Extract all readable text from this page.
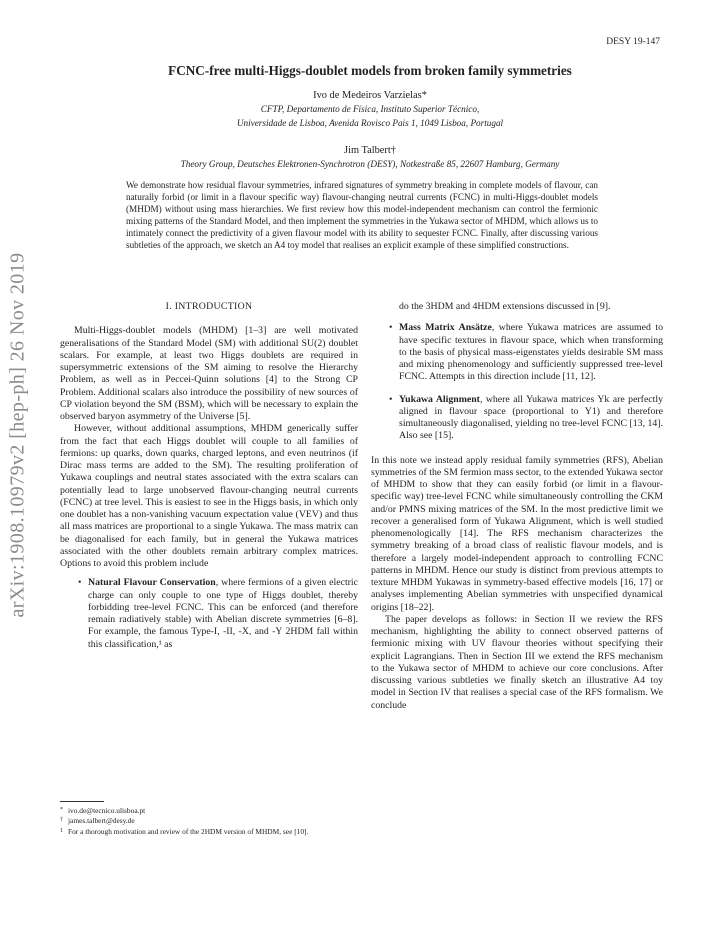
DESY 19-147
arXiv:1908.10979v2 [hep-ph] 26 Nov 2019
FCNC-free multi-Higgs-doublet models from broken family symmetries
Ivo de Medeiros Varzielas*
CFTP, Departamento de Física, Instituto Superior Técnico,
Universidade de Lisboa, Avenida Rovisco Pais 1, 1049 Lisboa, Portugal
Jim Talbert†
Theory Group, Deutsches Elektronen-Synchrotron (DESY), Notkestraße 85, 22607 Hamburg, Germany
We demonstrate how residual flavour symmetries, infrared signatures of symmetry breaking in complete models of flavour, can naturally forbid (or limit in a flavour specific way) flavour-changing neutral currents (FCNC) in multi-Higgs-doublet models (MHDM) without using mass hierarchies. We first review how this model-independent mechanism can control the fermionic mixing patterns of the Standard Model, and then implement the symmetries in the Yukawa sector of MHDM, which allows us to intimately connect the predictivity of a given flavour model with its ability to sequester FCNC. Finally, after discussing various subtleties of the approach, we sketch an A4 toy model that realises an explicit example of these simplified constructions.
I. INTRODUCTION

Multi-Higgs-doublet models (MHDM) [1–3] are well motivated generalisations of the Standard Model (SM) with additional SU(2) doublet scalars. For example, at least two Higgs doublets are required in supersymmetric extensions of the SM aiming to resolve the Hierarchy Problem, as well as in Peccei-Quinn solutions [4] to the Strong CP Problem. Additional scalars also introduce the possibility of new sources of CP violation beyond the SM (BSM), which will be necessary to explain the observed baryon asymmetry of the Universe [5].

However, without additional assumptions, MHDM generically suffer from the fact that each Higgs doublet will couple to all families of fermions: up quarks, down quarks, charged leptons, and even neutrinos (if Dirac mass terms are added to the SM). The resulting proliferation of Yukawa couplings and neutral states associated with the extra scalars can potentially lead to large unobserved flavour-changing neutral currents (FCNC) at tree level. This is easiest to see in the Higgs basis, in which only one doublet has a non-vanishing vacuum expectation value (VEV) and thus all mass matrices are proportional to a single Yukawa. The mass matrix can be diagonalised for each family, but in general the Yukawa matrices associated with the other doublets remain arbitrary complex matrices. Options to avoid this problem include

• Natural Flavour Conservation, where fermions of a given electric charge can only couple to one type of Higgs doublet, thereby forbidding tree-level FCNC. This can be enforced (and therefore remain radiatively stable) with Abelian discrete symmetries [6–8]. For example, the famous Type-I, -II, -X, and -Y 2HDM fall within this classification,¹ as
* ivo.de@tecnico.ulisboa.pt
† james.talbert@desy.de
1 For a thorough motivation and review of the 2HDM version of MHDM, see [10].
do the 3HDM and 4HDM extensions discussed in [9].
• Mass Matrix Ansätze, where Yukawa matrices are assumed to have specific textures in flavour space, which when transforming to the basis of physical mass-eigenstates yields desirable SM mass and mixing phenomenology and sufficiently suppressed tree-level FCNC. Attempts in this direction include [11, 12].
• Yukawa Alignment, where all Yukawa matrices Yk are perfectly aligned in flavour space (proportional to Y1) and therefore simultaneously diagonalised, yielding no tree-level FCNC [13, 14]. Also see [15].

In this note we instead apply residual family symmetries (RFS), Abelian symmetries of the SM fermion mass sector, to the extended Yukawa sector of MHDM to show that they can easily forbid (or limit in a flavour-specific way) tree-level FCNC while simultaneously controlling the CKM and/or PMNS mixing matrices of the SM. In the most predictive limit we recover a generalised form of Yukawa Alignment, which is well studied phenomenologically [14]. The RFS mechanism characterizes the symmetry breaking of a broad class of realistic flavour models, and is therefore a largely model-independent approach to controlling FCNC patterns in MHDM. Hence our study is distinct from previous attempts to texture MHDM Yukawas in symmetry-based effective models [16, 17] or analyses implementing Abelian symmetries with unspecified dynamical origins [18–22].

The paper develops as follows: in Section II we review the RFS mechanism, highlighting the ability to connect observed patterns of fermionic mixing with UV flavour theories without specifying their explicit Lagrangians. Then in Section III we extend the RFS mechanism to the Yukawa sector of MHDM to achieve our core conclusions. After discussing various subtleties we finally sketch an illustrative A4 toy model in Section IV that realises a special case of the RFS formalism. We conclude
